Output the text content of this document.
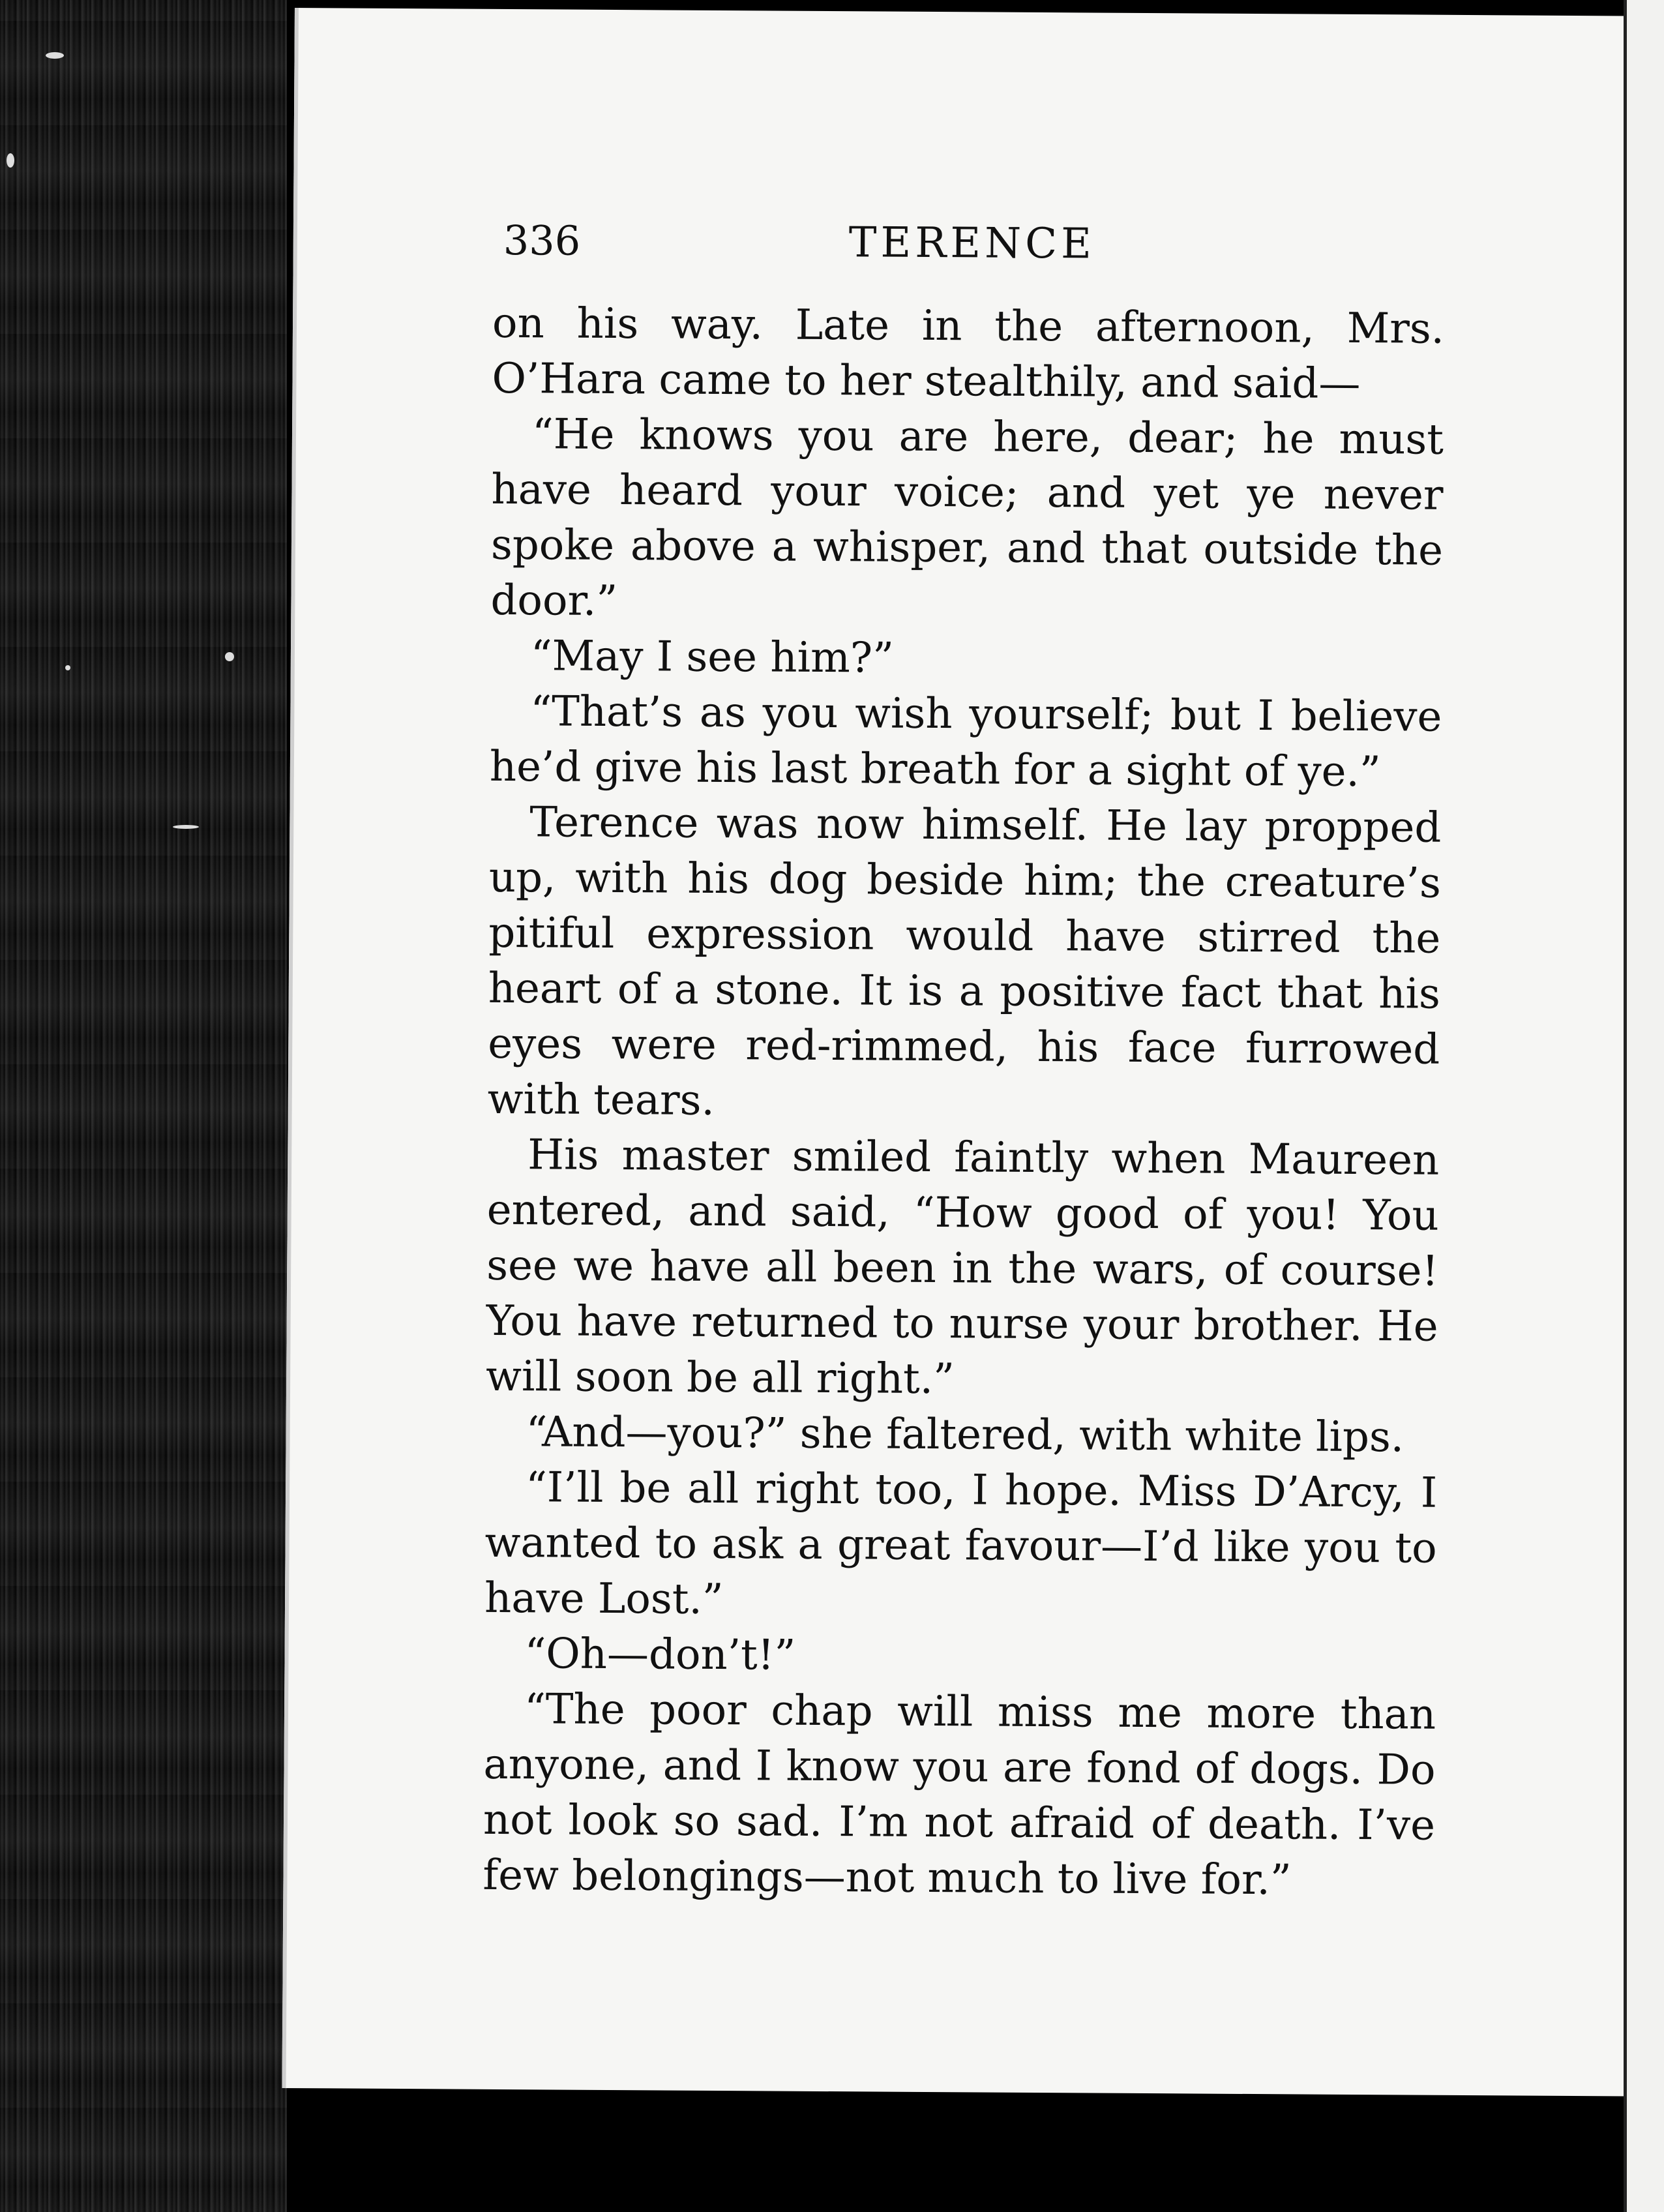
336	TERENCE

on his way. Late in the afternoon, Mrs. O’Hara came to her stealthily, and said—

“He knows you are here, dear; he must have heard your voice; and yet ye never spoke above a whisper, and that outside the door.”

“May I see him?”

“That’s as you wish yourself; but I believe he’d give his last breath for a sight of ye.”

Terence was now himself. He lay propped up, with his dog beside him; the creature’s pitiful expression would have stirred the heart of a stone. It is a positive fact that his eyes were red-rimmed, his face furrowed with tears.

His master smiled faintly when Maureen entered, and said, “How good of you! You see we have all been in the wars, of course! You have returned to nurse your brother. He will soon be all right.”

“And—you?” she faltered, with white lips.

“I’ll be all right too, I hope. Miss D’Arcy, I wanted to ask a great favour—I’d like you to have Lost.”

“Oh—don’t!”

“The poor chap will miss me more than anyone, and I know you are fond of dogs. Do not look so sad. I’m not afraid of death. I’ve few belongings—not much to live for.”
